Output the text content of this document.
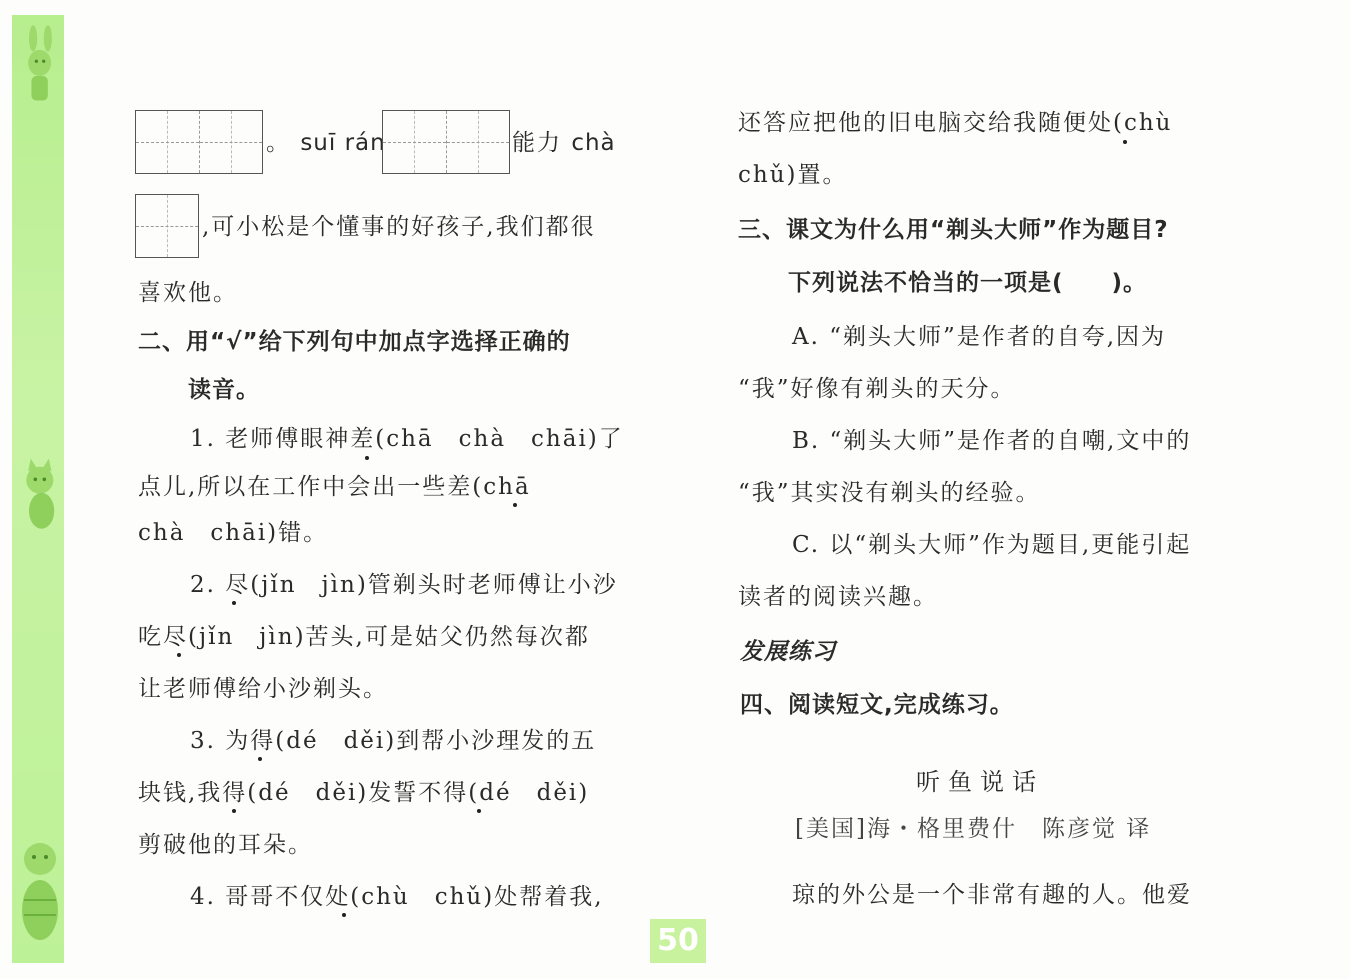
。 suī rán	能力 chà
,可小松是个懂事的好孩子,我们都很
喜欢他。
二、用“√”给下列句中加点字选择正确的
读音。
1. 老师傅眼神差(chā　chà　chāi)了
点儿,所以在工作中会出一些差(chā
chà　chāi)错。
2. 尽(jǐn　jìn)管剃头时老师傅让小沙
吃尽(jǐn　jìn)苦头,可是姑父仍然每次都
让老师傅给小沙剃头。
3. 为得(dé　děi)到帮小沙理发的五
块钱,我得(dé　děi)发誓不得(dé　děi)
剪破他的耳朵。
4. 哥哥不仅处(chù　chǔ)处帮着我,
还答应把他的旧电脑交给我随便处(chù
chǔ)置。
三、课文为什么用“剃头大师”作为题目?
下列说法不恰当的一项是(　　)。
A. “剃头大师”是作者的自夸,因为
“我”好像有剃头的天分。
B. “剃头大师”是作者的自嘲,文中的
“我”其实没有剃头的经验。
C. 以“剃头大师”作为题目,更能引起
读者的阅读兴趣。
发展练习
四、阅读短文,完成练习。
听鱼说话
[美国]海・格里费什　陈彦觉 译
琼的外公是一个非常有趣的人。他爱
50
